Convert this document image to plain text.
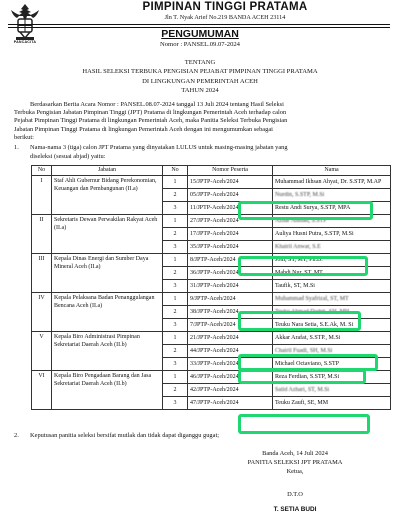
PANCACITA
PIMPINAN TINGGI PRATAMA
Jln T. Nyak Arief No.219 BANDA ACEH 23114
PENGUMUMAN
Nomor : PANSEL.09.07-2024
TENTANG
HASIL SELEKSI TERBUKA PENGISIAN PEJABAT PIMPINAN TINGGI PRATAMA
DI LINGKUNGAN PEMERINTAH ACEH
TAHUN 2024
Berdasarkan Berita Acara Nomor : PANSEL.08.07-2024 tanggal 13 Juli 2024 tentang Hasil Seleksi
Terbuka Pengisian Jabatan Pimpinan Tinggi (JPT) Pratama di lingkungan Pemerintah Aceh terhadap calon
Pejabat Pimpinan Tinggi Pratama di lingkungan Pemerintah Aceh, maka Panitia Seleksi Terbuka Pengisian
Jabatan Pimpinan Tinggi Pratama di lingkungan Pemerintah Aceh dengan ini mengumumkan sebagai
berikut:
1. Nama-nama 3 (tiga) calon JPT Pratama yang dinyatakan LULUS untuk masing-masing jabatan yang
diseleksi (sesuai abjad) yaitu:
No	Jabatan	No	Nomor Peserta	Nama
I	Staf Ahli Gubernur Bidang Perekonomian, Keuangan dan Pembangunan (II.a)	1	15/JPTP-Aceh/2024	Muhammad Ikhsan Ahyat, Dr. S.STP, M.AP
		2	05/JPTP-Aceh/2024	Nurdin, S.STP, M.Si
		3	11/JPTP-Aceh/2024	Restu Andi Surya, S.STP, MPA
II	Sekretaris Dewan Perwakilan Rakyat Aceh (II.a)	1	27/JPTP-Aceh/2024	Azhar Ahmad, S.STP
		2	17/JPTP-Aceh/2024	Auliya Husni Putra, S.STP, M.Si
		3	35/JPTP-Aceh/2024	Khairil Anwar, S.E
III	Kepala Dinas Energi dan Sumber Daya Mineral Aceh (II.a)	1	8/JPTP-Aceh/2024	Joni, ST, MT, Ph.D.
		2	36/JPTP-Aceh/2024	Mahdi Nur, ST, MT
		3	31/JPTP-Aceh/2024	Taufik, ST, M.Si
IV	Kepala Pelaksana Badan Penanggulangan Bencana Aceh (II.a)	1	9/JPTP-Aceh/2024	Muhammad Syafrizal, ST, MT
		2	38/JPTP-Aceh/2024	Teuku Ahmad Dadek, SH, MH
		3	7/JPTP-Aceh/2024	Teuku Nara Setia, S.E.Ak, M. Si
V	Kepala Biro Administrasi Pimpinan Sekretariat Daerah Aceh (II.b)	1	21/JPTP-Aceh/2024	Akkar Arafat, S.STP., M.Si
		2	44/JPTP-Aceh/2024	Chairil Fuadi, SH, M.Si
		3	33/JPTP-Aceh/2024	Michael Octaviano, S.STP
VI	Kepala Biro Pengadaan Barang dan Jasa Sekretariat Daerah Aceh (II.b)	1	46/JPTP-Aceh/2024	Reza Ferdian, S.STP, M.Si
		2	42/JPTP-Aceh/2024	Saiid Azhari, ST, M.Si
		3	47/JPTP-Aceh/2024	Teuku Zaufi, SE, MM
2. Keputusan panitia seleksi bersifat mutlak dan tidak dapat diganggu gugat;
Banda Aceh, 14 Juli 2024
PANITIA SELEKSI JPT PRATAMA
Ketua,
D.T.O
T. SETIA BUDI
